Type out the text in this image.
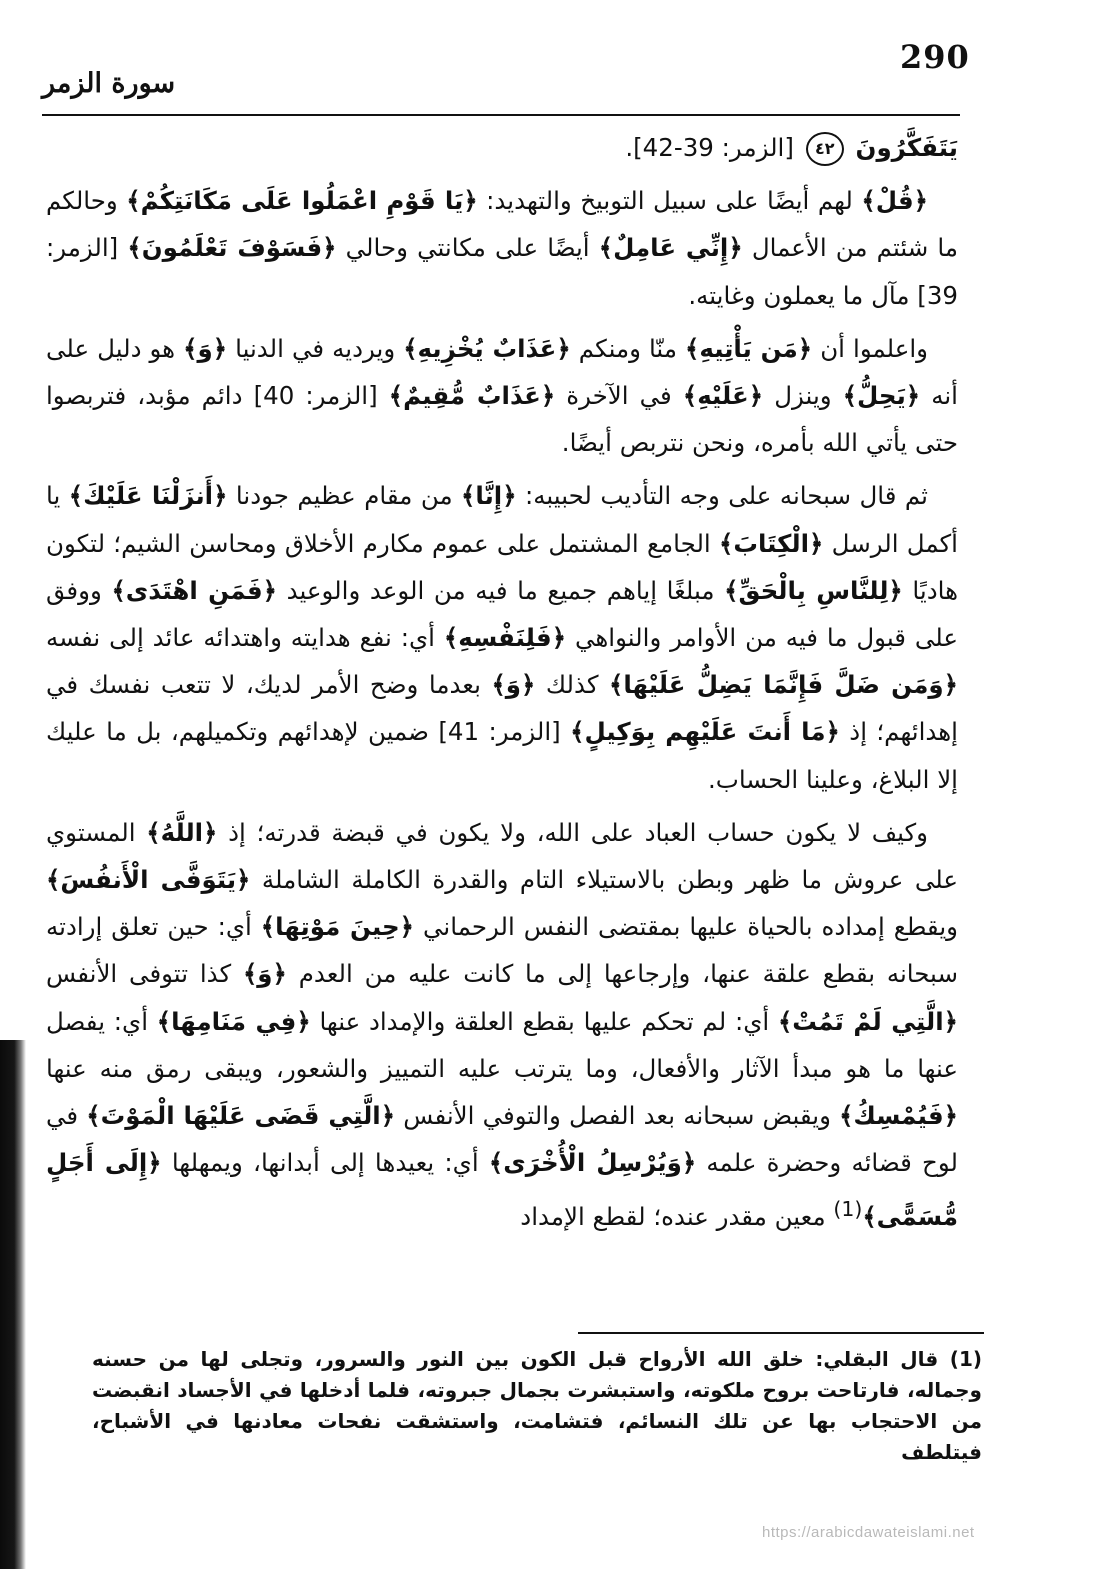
290
سورة الزمر

يَتَفَكَّرُونَ ٤٢ [الزمر: 39-42].

﴿قُلْ﴾ لهم أيضًا على سبيل التوبيخ والتهديد: ﴿يَا قَوْمِ اعْمَلُوا عَلَى مَكَانَتِكُمْ﴾ وحالكم ما شئتم من الأعمال ﴿إِنِّي عَامِلٌ﴾ أيضًا على مكانتي وحالي ﴿فَسَوْفَ تَعْلَمُونَ﴾ [الزمر: 39] مآل ما يعملون وغايته.

واعلموا أن ﴿مَن يَأْتِيهِ﴾ منّا ومنكم ﴿عَذَابٌ يُخْزِيهِ﴾ ويرديه في الدنيا ﴿وَ﴾ هو دليل على أنه ﴿يَحِلُّ﴾ وينزل ﴿عَلَيْهِ﴾ في الآخرة ﴿عَذَابٌ مُّقِيمٌ﴾ [الزمر: 40] دائم مؤبد، فتربصوا حتى يأتي الله بأمره، ونحن نتربص أيضًا.

ثم قال سبحانه على وجه التأديب لحبيبه: ﴿إِنَّا﴾ من مقام عظيم جودنا ﴿أَنزَلْنَا عَلَيْكَ﴾ يا أكمل الرسل ﴿الْكِتَابَ﴾ الجامع المشتمل على عموم مكارم الأخلاق ومحاسن الشيم؛ لتكون هاديًا ﴿لِلنَّاسِ بِالْحَقِّ﴾ مبلغًا إياهم جميع ما فيه من الوعد والوعيد ﴿فَمَنِ اهْتَدَى﴾ ووفق على قبول ما فيه من الأوامر والنواهي ﴿فَلِنَفْسِهِ﴾ أي: نفع هدايته واهتدائه عائد إلى نفسه ﴿وَمَن ضَلَّ فَإِنَّمَا يَضِلُّ عَلَيْهَا﴾ كذلك ﴿وَ﴾ بعدما وضح الأمر لديك، لا تتعب نفسك في إهدائهم؛ إذ ﴿مَا أَنتَ عَلَيْهِم بِوَكِيلٍ﴾ [الزمر: 41] ضمين لإهدائهم وتكميلهم، بل ما عليك إلا البلاغ، وعلينا الحساب.

وكيف لا يكون حساب العباد على الله، ولا يكون في قبضة قدرته؛ إذ ﴿اللَّهُ﴾ المستوي على عروش ما ظهر وبطن بالاستيلاء التام والقدرة الكاملة الشاملة ﴿يَتَوَفَّى الْأَنفُسَ﴾ ويقطع إمداده بالحياة عليها بمقتضى النفس الرحماني ﴿حِينَ مَوْتِهَا﴾ أي: حين تعلق إرادته سبحانه بقطع علقة عنها، وإرجاعها إلى ما كانت عليه من العدم ﴿وَ﴾ كذا تتوفى الأنفس ﴿الَّتِي لَمْ تَمُتْ﴾ أي: لم تحكم عليها بقطع العلقة والإمداد عنها ﴿فِي مَنَامِهَا﴾ أي: يفصل عنها ما هو مبدأ الآثار والأفعال، وما يترتب عليه التمييز والشعور، ويبقى رمق منه عنها ﴿فَيُمْسِكُ﴾ ويقبض سبحانه بعد الفصل والتوفي الأنفس ﴿الَّتِي قَضَى عَلَيْهَا الْمَوْتَ﴾ في لوح قضائه وحضرة علمه ﴿وَيُرْسِلُ الْأُخْرَى﴾ أي: يعيدها إلى أبدانها، ويمهلها ﴿إِلَى أَجَلٍ مُّسَمًّى﴾$^{(1)}$ معين مقدر عنده؛ لقطع الإمداد

(1) قال البقلي: خلق الله الأرواح قبل الكون بين النور والسرور، وتجلى لها من حسنه وجماله، فارتاحت بروح ملكوته، واستبشرت بجمال جبروته، فلما أدخلها في الأجساد انقبضت من الاحتجاب بها عن تلك النسائم، فتشامت، واستشقت نفحات معادنها في الأشباح، فيتلطف

https://arabicdawateislami.net
